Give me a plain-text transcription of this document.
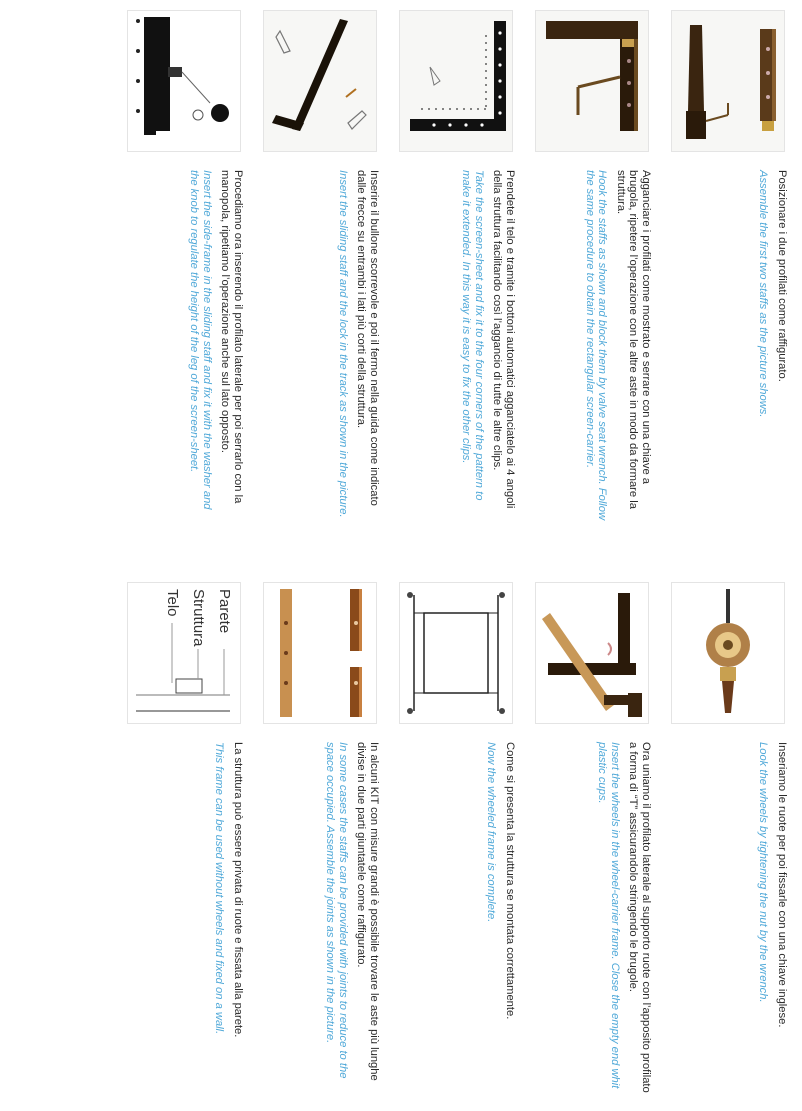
Posizionare i due profilati come raffigurato.

Assemble the first two staffs as the picture shows.

Inseriamo le ruote per poi fissarle con una chiave inglese.

Look the wheels by tightening the nut by the wrench.

Agganciare i profilati come mostrato e serrare con una chiave a brugola, ripetere l’operazione con le altre aste in modo da formare la struttura.

Hook the staffs as shown and block them by valve seat wrench. Follow the same procedure to obtain the rectangular screen-carrier.

Ora uniamo il profilato laterale al supporto ruote con l’apposito profilato a forma di “T” assicurandolo stringendo le brugole.

Insert the wheels in the wheel-carrier frame. Close the empty end whit plastic cups.

Prendete il telo e tramite i bottoni automatici agganciatelo ai 4 angoli della struttura facilitando così l’aggancio di tutte le altre clips.

Take the screen-sheet and fix it to the four corners of the pattern to make it extended. In this way it is easy to fix the other clips.

Come si presenta la struttura se montata correttamente.

Now the wheeled frame is complete.

Inserire il bullone scorrevole e poi il fermo nella guida come indicato dalle frecce su entrambi i lati più corti della struttura.

Insert the sliding staff and the lock in the track as shown in the picture.

In alcuni KIT con misure grandi è possibile trovare le aste più lunghe divise in due parti giuntatele come raffigurato.

In some cases the staffs can be provided with joints to reduce to the space occupied. Assemble the joints as shown in the picture.

Procediamo ora inserendo il profilato laterale per poi serrarlo con la manopola, ripetiamo l’operazione anche sul lato opposto.

Insert the side-frame in the sliding staff and fix it with the washer and the knob to regulate the height of the leg of the screen-sheet.

Parete
Struttura
Telo

La struttura può essere privata di ruote e fissata alla parete.

This frame can be used without wheels and fixed on a wall.
